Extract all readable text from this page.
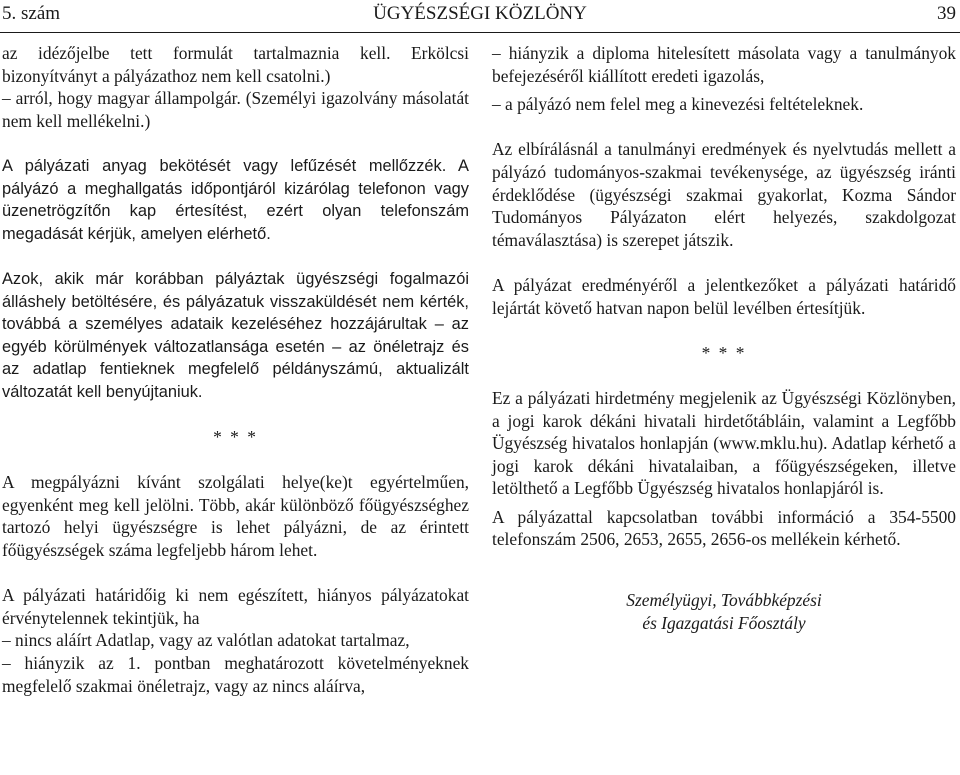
5. szám	ÜGYÉSZSÉGI KÖZLÖNY	39

az idézőjelbe tett formulát tartalmaznia kell. Erkölcsi bizonyítványt a pályázathoz nem kell csatolni.)

– arról, hogy magyar állampolgár. (Személyi igazolvány másolatát nem kell mellékelni.)

A pályázati anyag bekötését vagy lefűzését mellőzzék. A pályázó a meghallgatás időpontjáról kizárólag telefonon vagy üzenetrögzítőn kap értesítést, ezért olyan telefonszám megadását kérjük, amelyen elérhető.

Azok, akik már korábban pályáztak ügyészségi fogalmazói álláshely betöltésére, és pályázatuk visszaküldését nem kérték, továbbá a személyes adataik kezeléséhez hozzájárultak – az egyéb körülmények változatlansága esetén – az önéletrajz és az adatlap fentieknek megfelelő példányszámú, aktualizált változatát kell benyújtaniuk.

* * *

A megpályázni kívánt szolgálati helye(ke)t egyértelműen, egyenként meg kell jelölni. Több, akár különböző főügyészséghez tartozó helyi ügyészségre is lehet pályázni, de az érintett főügyészségek száma legfeljebb három lehet.

A pályázati határidőig ki nem egészített, hiányos pályázatokat érvénytelennek tekintjük, ha

– nincs aláírt Adatlap, vagy az valótlan adatokat tartalmaz,

– hiányzik az 1. pontban meghatározott követelményeknek megfelelő szakmai önéletrajz, vagy az nincs aláírva,

– hiányzik a diploma hitelesített másolata vagy a tanulmányok befejezéséről kiállított eredeti igazolás,

– a pályázó nem felel meg a kinevezési feltételeknek.

Az elbírálásnál a tanulmányi eredmények és nyelvtudás mellett a pályázó tudományos-szakmai tevékenysége, az ügyészség iránti érdeklődése (ügyészségi szakmai gyakorlat, Kozma Sándor Tudományos Pályázaton elért helyezés, szakdolgozat témaválasztása) is szerepet játszik.

A pályázat eredményéről a jelentkezőket a pályázati határidő lejártát követő hatvan napon belül levélben értesítjük.

* * *

Ez a pályázati hirdetmény megjelenik az Ügyészségi Közlönyben, a jogi karok dékáni hivatali hirdetőtábláin, valamint a Legfőbb Ügyészség hivatalos honlapján (www.mklu.hu). Adatlap kérhető a jogi karok dékáni hivatalaiban, a főügyészségeken, illetve letölthető a Legfőbb Ügyészség hivatalos honlapjáról is.

A pályázattal kapcsolatban további információ a 354-5500 telefonszám 2506, 2653, 2655, 2656-os mellékein kérhető.

Személyügyi, Továbbképzési

és Igazgatási Főosztály
